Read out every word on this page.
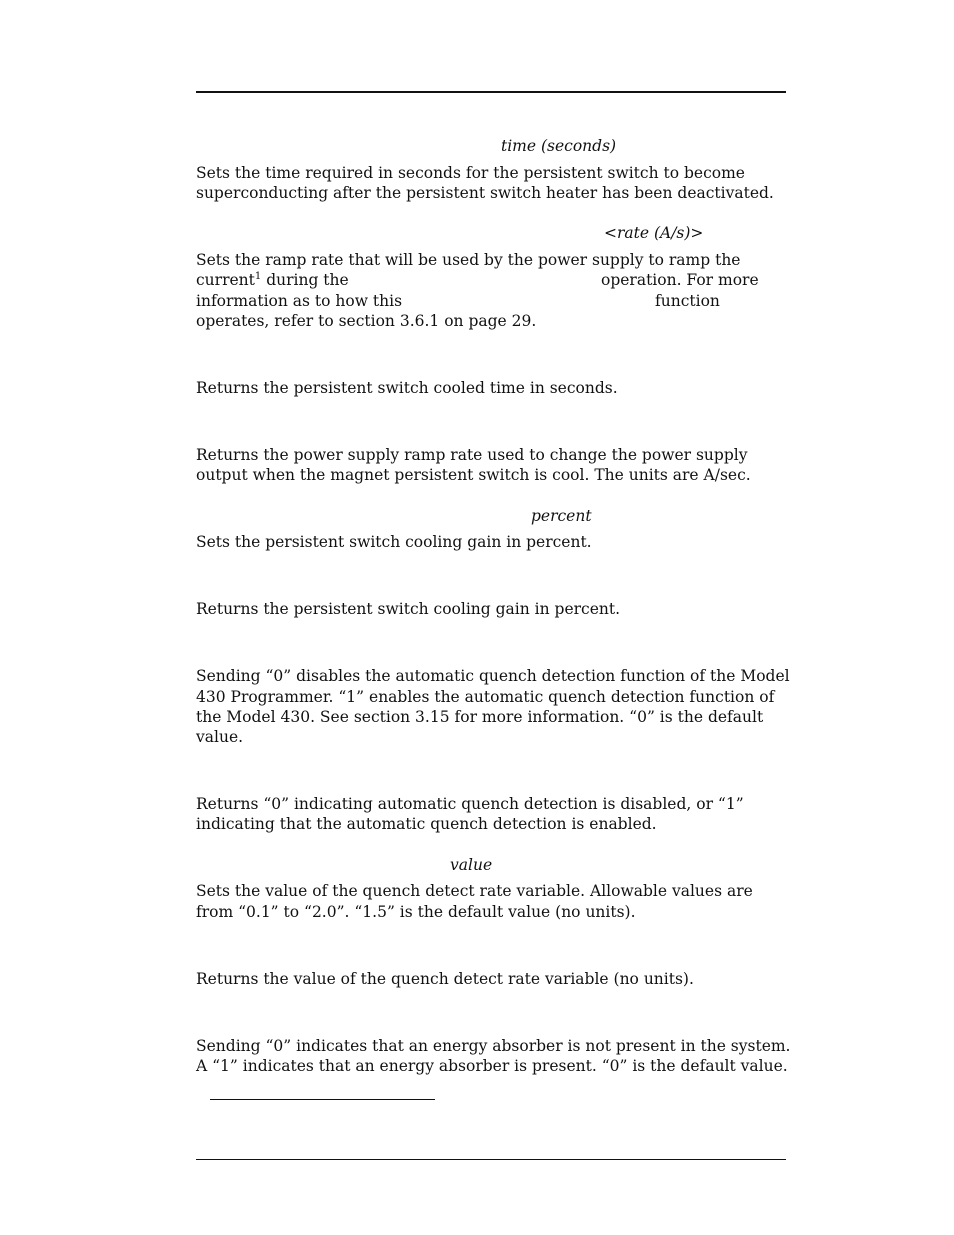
time (seconds)
Sets the time required in seconds for the persistent switch to become
superconducting after the persistent switch heater has been deactivated.
<rate (A/s)>
Sets the ramp rate that will be used by the power supply to ramp the
current$^1$ during the	operation. For more
information as to how this	function
operates, refer to section 3.6.1 on page 29.
Returns the persistent switch cooled time in seconds.
Returns the power supply ramp rate used to change the power supply
output when the magnet persistent switch is cool. The units are A/sec.
percent
Sets the persistent switch cooling gain in percent.
Returns the persistent switch cooling gain in percent.
Sending “0” disables the automatic quench detection function of the Model
430 Programmer. “1” enables the automatic quench detection function of
the Model 430. See section 3.15 for more information. “0” is the default
value.
Returns “0” indicating automatic quench detection is disabled, or “1”
indicating that the automatic quench detection is enabled.
value
Sets the value of the quench detect rate variable. Allowable values are
from “0.1” to “2.0”. “1.5” is the default value (no units).
Returns the value of the quench detect rate variable (no units).
Sending “0” indicates that an energy absorber is not present in the system.
A “1” indicates that an energy absorber is present. “0” is the default value.
